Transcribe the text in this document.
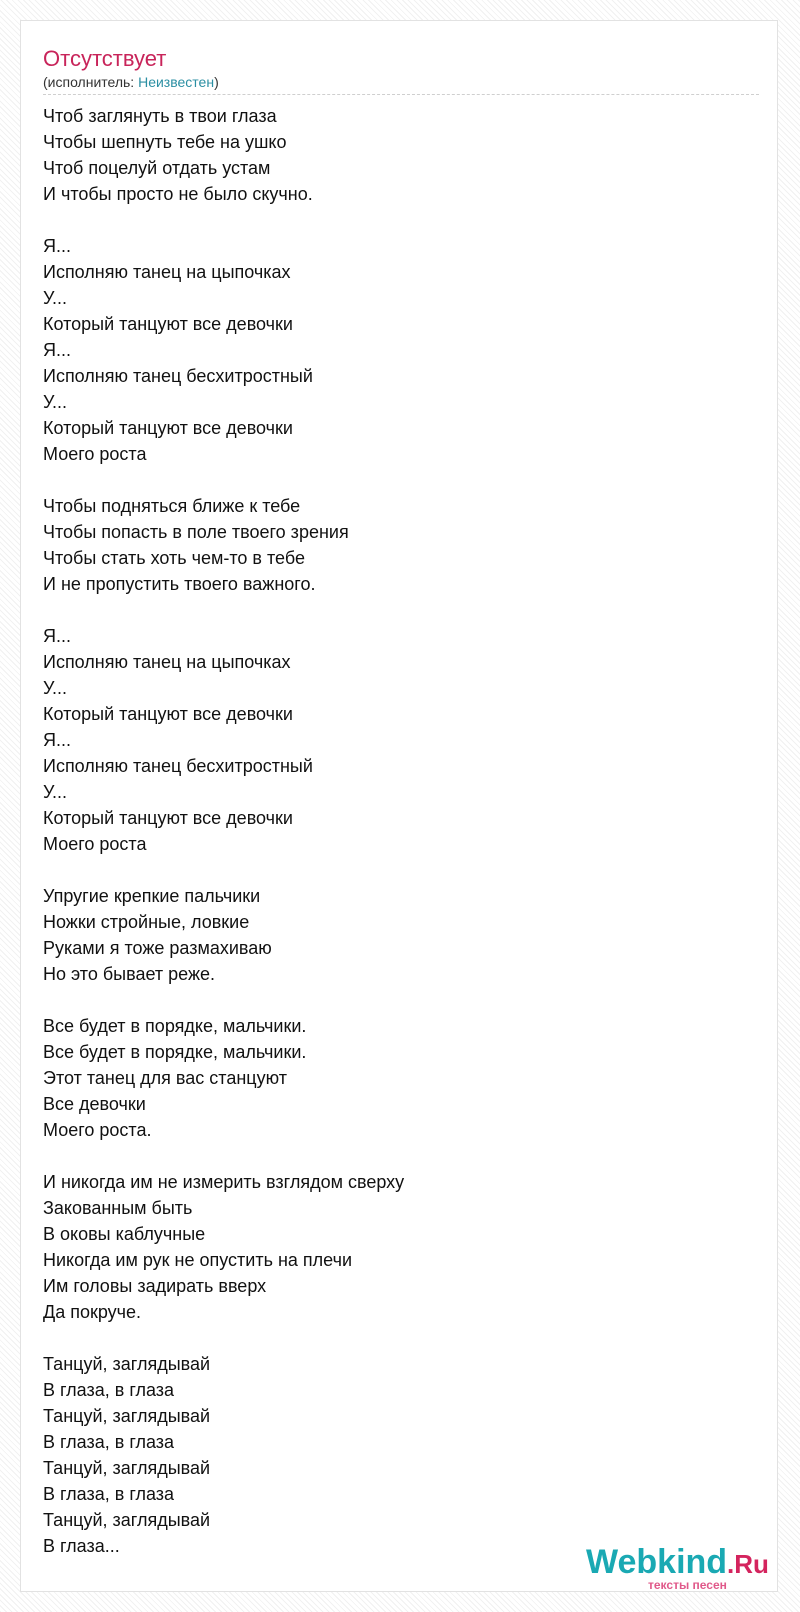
Отсутствует
(исполнитель: Неизвестен)
Чтоб заглянуть в твои глаза
Чтобы шепнуть тебе на ушко
Чтоб поцелуй отдать устам
И чтобы просто не было скучно.
Я...
Исполняю танец на цыпочках
У...
Который танцуют все девочки
Я...
Исполняю танец бесхитростный
У...
Который танцуют все девочки
Моего роста
Чтобы подняться ближе к тебе
Чтобы попасть в поле твоего зрения
Чтобы стать хоть чем-то в тебе
И не пропустить твоего важного.
Я...
Исполняю танец на цыпочках
У...
Который танцуют все девочки
Я...
Исполняю танец бесхитростный
У...
Который танцуют все девочки
Моего роста
Упругие крепкие пальчики
Ножки стройные, ловкие
Руками я тоже размахиваю
Но это бывает реже.
Все будет в порядке, мальчики.
Все будет в порядке, мальчики.
Этот танец для вас станцуют
Все девочки
Моего роста.
И никогда им не измерить взглядом сверху
Закованным быть
В оковы каблучные
Никогда им рук не опустить на плечи
Им головы задирать вверх
Да покруче.
Танцуй, заглядывай
В глаза, в глаза
Танцуй, заглядывай
В глаза, в глаза
Танцуй, заглядывай
В глаза, в глаза
Танцуй, заглядывай
В глаза...	Webkind.Ru
тексты песен
